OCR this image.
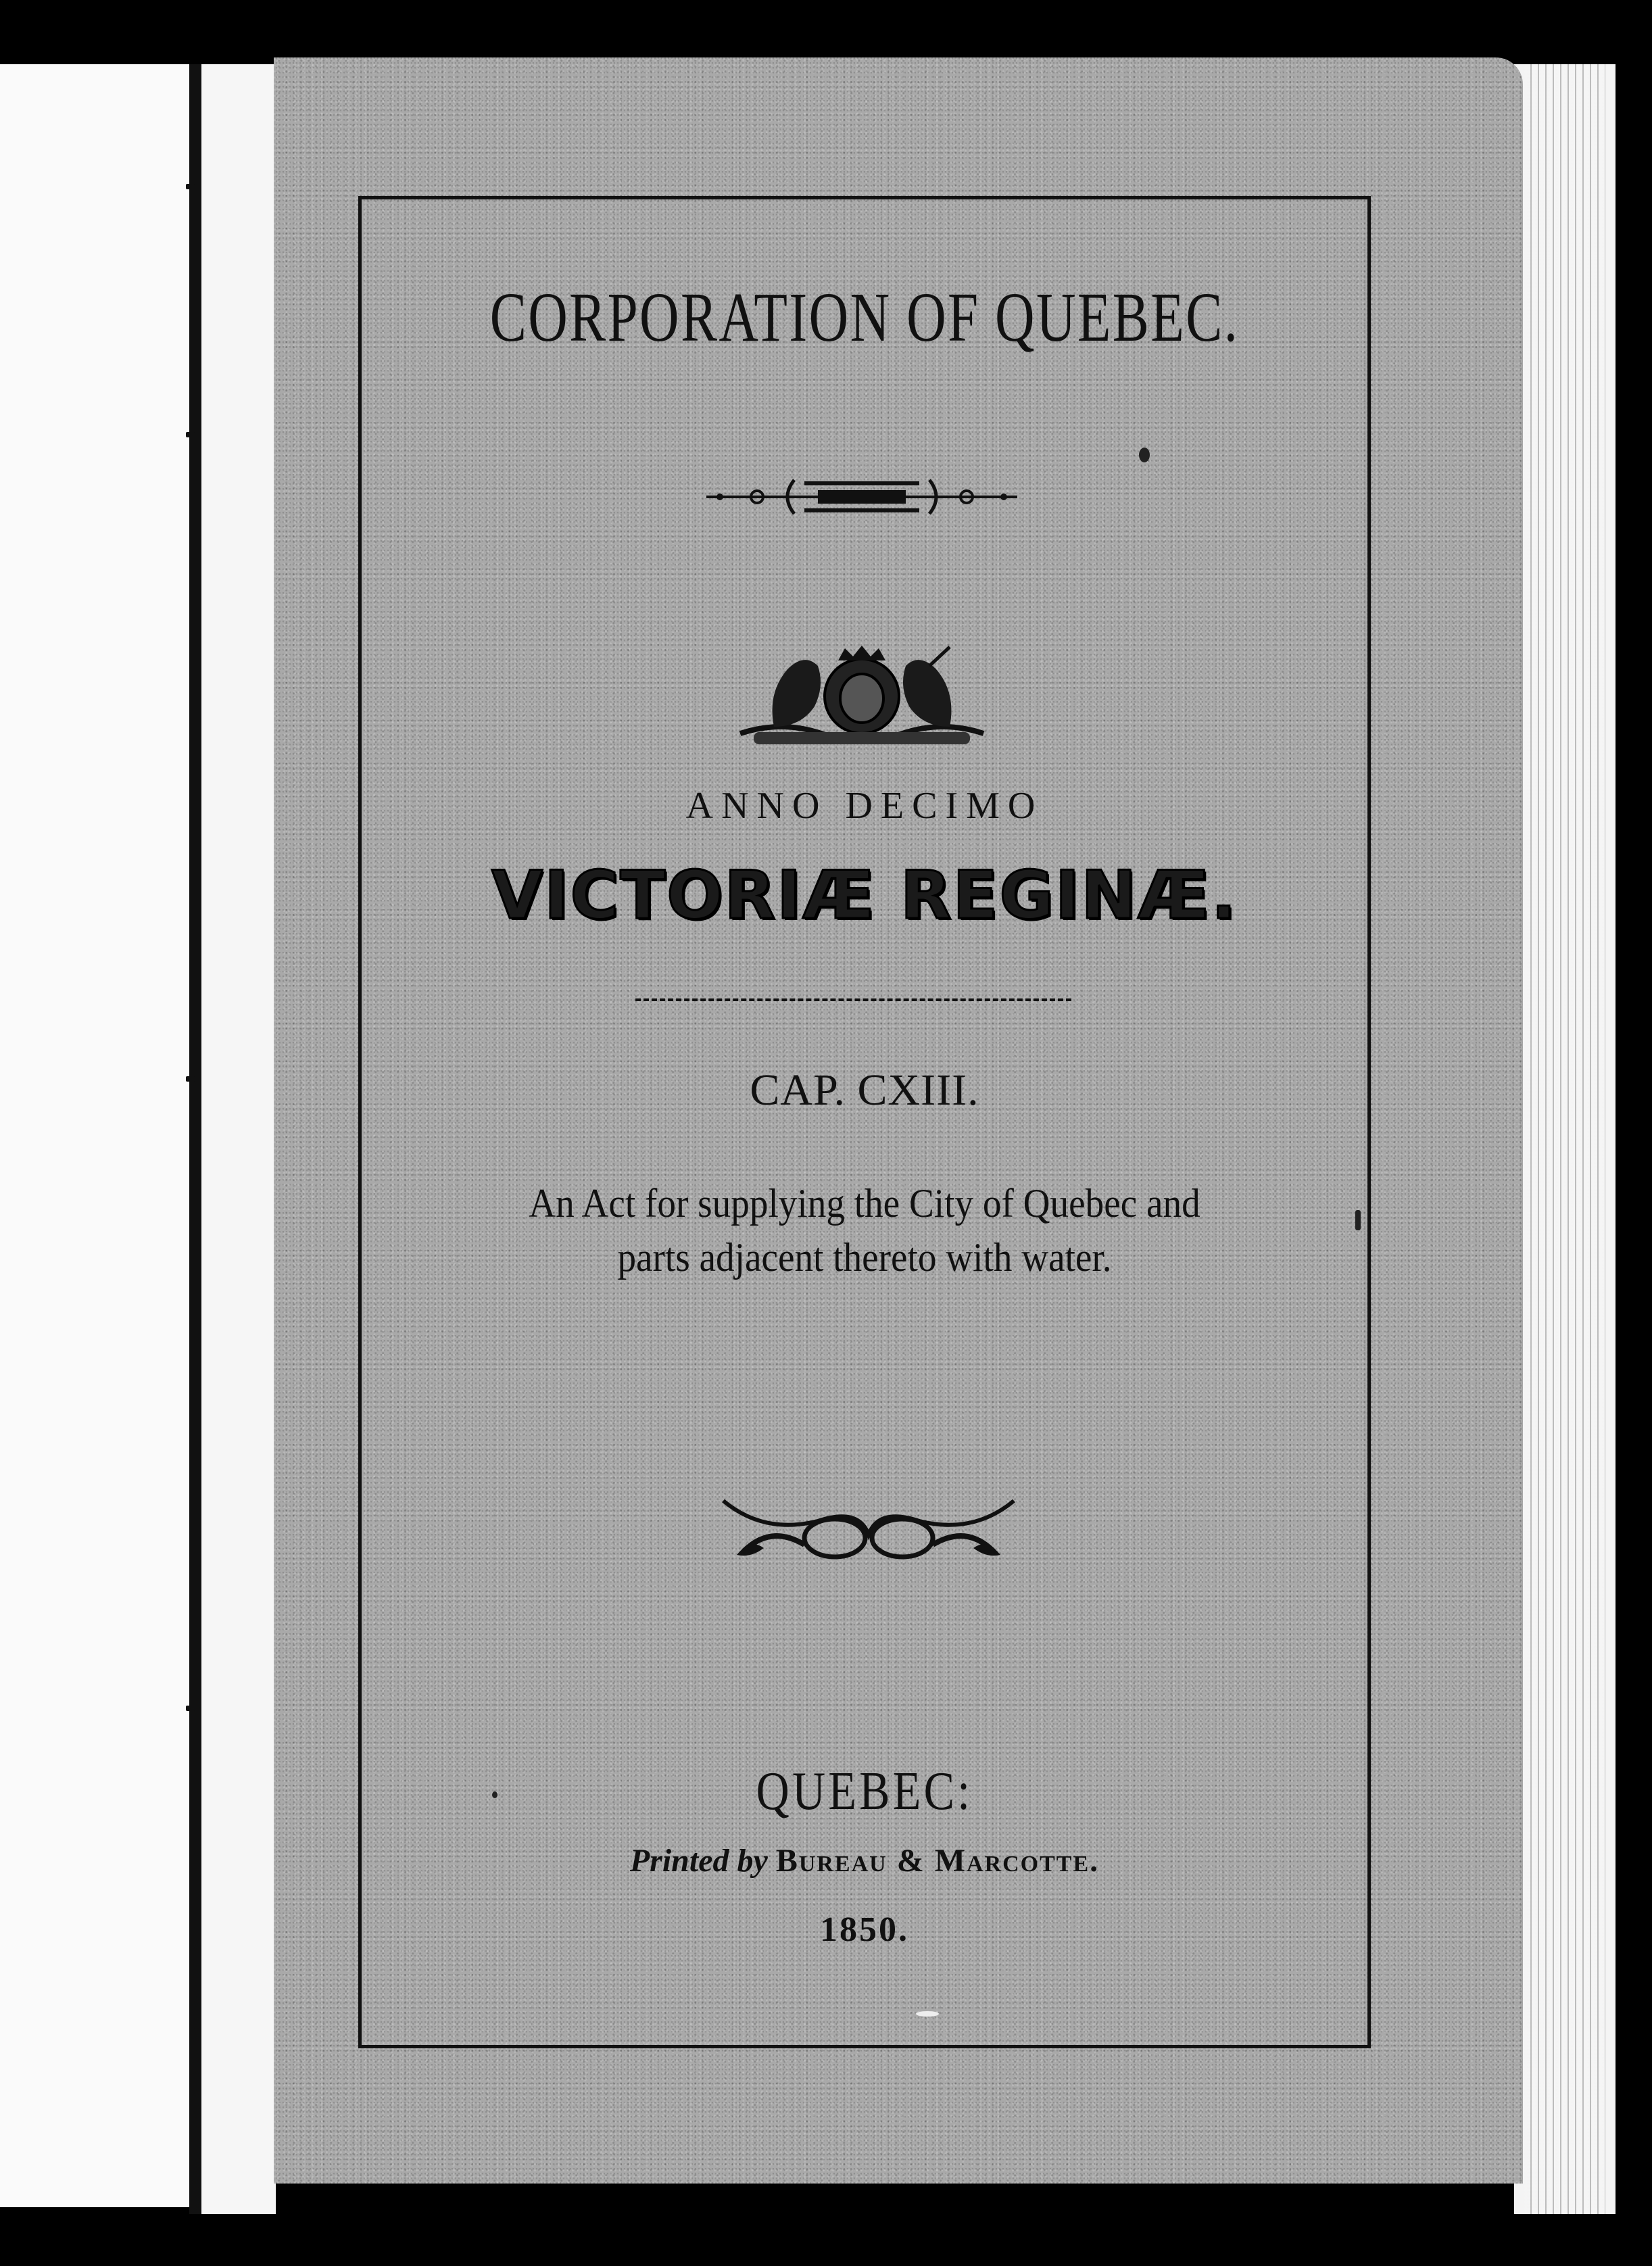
CORPORATION OF QUEBEC.
ANNO DECIMO
VICTORIÆ REGINÆ.
CAP. CXIII.
An Act for supplying the City of Quebec and parts adjacent thereto with water.
QUEBEC:
Printed by Bureau & Marcotte.
1850.
